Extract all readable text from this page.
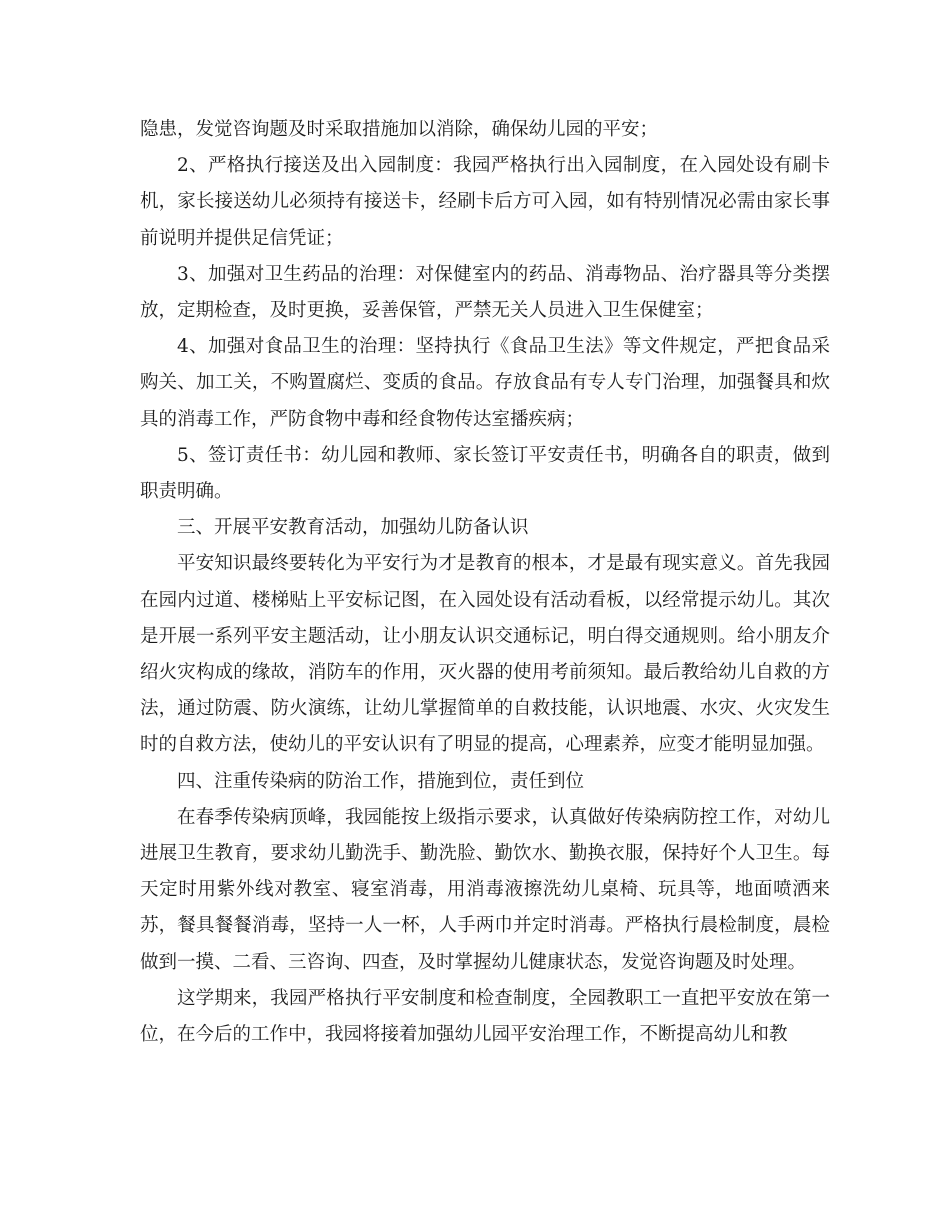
隐患，发觉咨询题及时采取措施加以消除，确保幼儿园的平安；

2、严格执行接送及出入园制度：我园严格执行出入园制度，在入园处设有刷卡机，家长接送幼儿必须持有接送卡，经刷卡后方可入园，如有特别情况必需由家长事前说明并提供足信凭证；

3、加强对卫生药品的治理：对保健室内的药品、消毒物品、治疗器具等分类摆放，定期检查，及时更换，妥善保管，严禁无关人员进入卫生保健室；

4、加强对食品卫生的治理：坚持执行《食品卫生法》等文件规定，严把食品采购关、加工关，不购置腐烂、变质的食品。存放食品有专人专门治理，加强餐具和炊具的消毒工作，严防食物中毒和经食物传达室播疾病；

5、签订责任书：幼儿园和教师、家长签订平安责任书，明确各自的职责，做到职责明确。

三、开展平安教育活动，加强幼儿防备认识

平安知识最终要转化为平安行为才是教育的根本，才是最有现实意义。首先我园在园内过道、楼梯贴上平安标记图，在入园处设有活动看板，以经常提示幼儿。其次是开展一系列平安主题活动，让小朋友认识交通标记，明白得交通规则。给小朋友介绍火灾构成的缘故，消防车的作用，灭火器的使用考前须知。最后教给幼儿自救的方法，通过防震、防火演练，让幼儿掌握简单的自救技能，认识地震、水灾、火灾发生时的自救方法，使幼儿的平安认识有了明显的提高，心理素养，应变才能明显加强。

四、注重传染病的防治工作，措施到位，责任到位

在春季传染病顶峰，我园能按上级指示要求，认真做好传染病防控工作，对幼儿进展卫生教育，要求幼儿勤洗手、勤洗脸、勤饮水、勤换衣服，保持好个人卫生。每天定时用紫外线对教室、寝室消毒，用消毒液擦洗幼儿桌椅、玩具等，地面喷洒来苏，餐具餐餐消毒，坚持一人一杯，人手两巾并定时消毒。严格执行晨检制度，晨检做到一摸、二看、三咨询、四查，及时掌握幼儿健康状态，发觉咨询题及时处理。

这学期来，我园严格执行平安制度和检查制度，全园教职工一直把平安放在第一位，在今后的工作中，我园将接着加强幼儿园平安治理工作，不断提高幼儿和教
